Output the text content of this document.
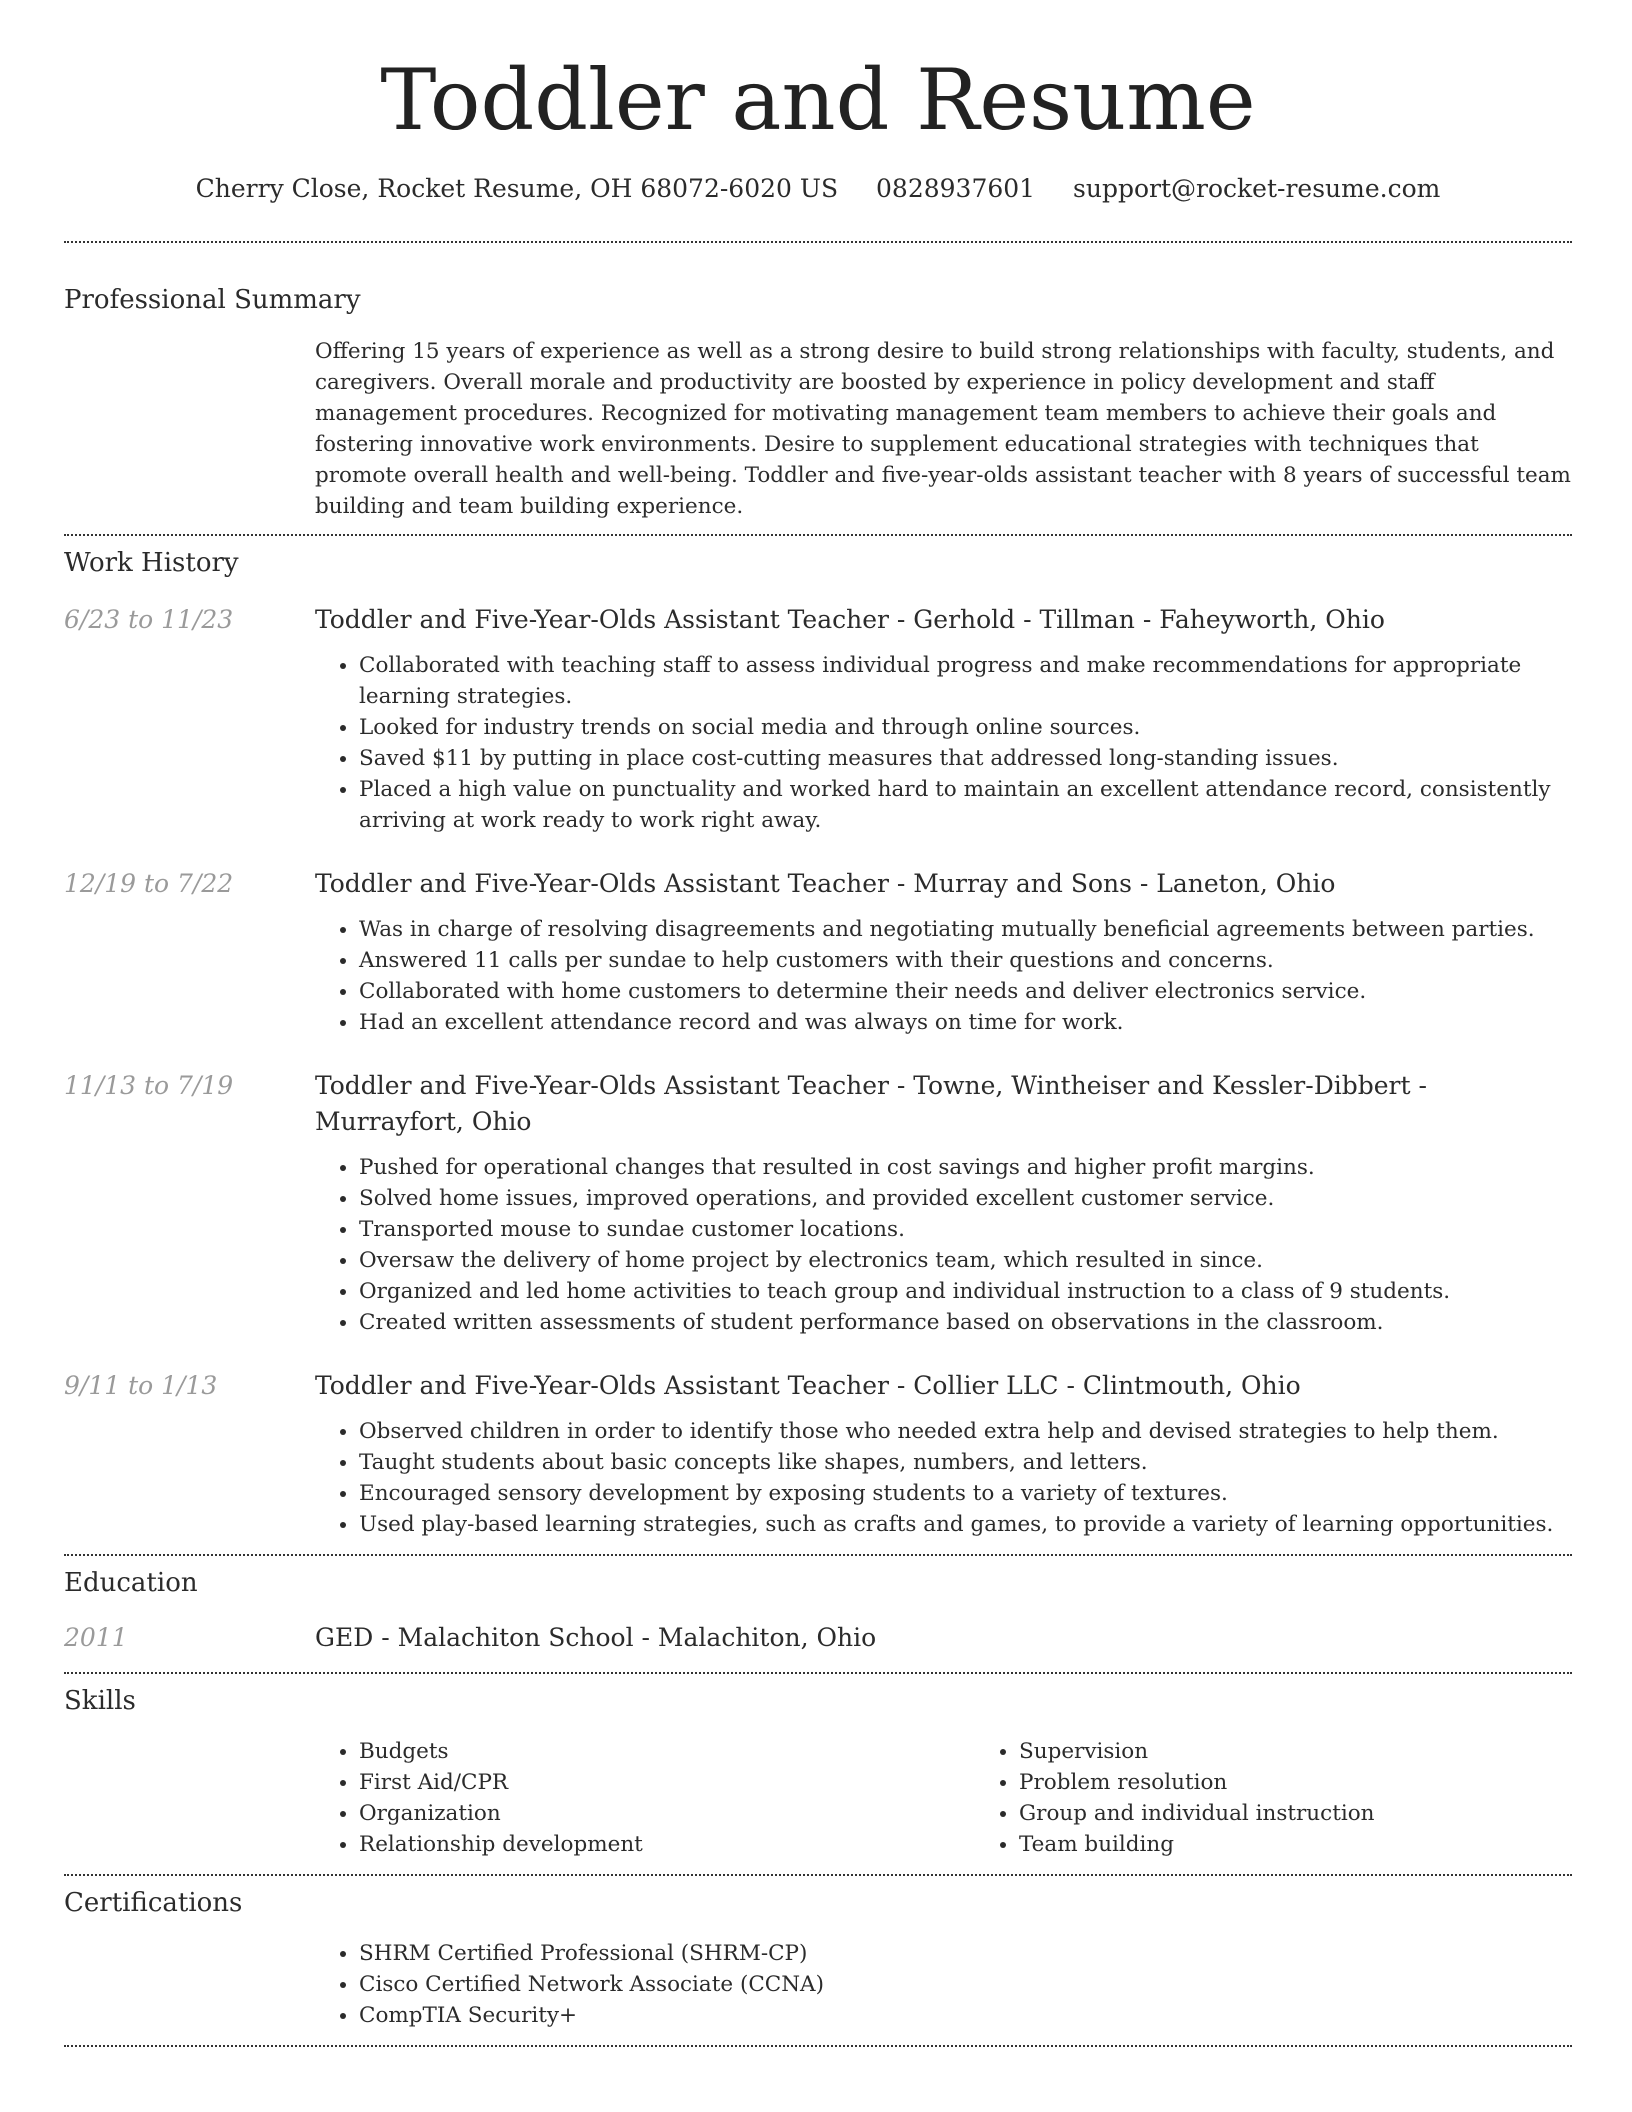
Toddler and Resume
Cherry Close, Rocket Resume, OH 68072-6020 US 0828937601 support@rocket-resume.com
Professional Summary

Offering 15 years of experience as well as a strong desire to build strong relationships with faculty, students, and caregivers. Overall morale and productivity are boosted by experience in policy development and staff management procedures. Recognized for motivating management team members to achieve their goals and fostering innovative work environments. Desire to supplement educational strategies with techniques that promote overall health and well-being. Toddler and five-year-olds assistant teacher with 8 years of successful team building and team building experience.

Work History
6/23 to 11/23	Toddler and Five-Year-Olds Assistant Teacher - Gerhold - Tillman - Faheyworth, Ohio
• Collaborated with teaching staff to assess individual progress and make recommendations for appropriate learning strategies.
• Looked for industry trends on social media and through online sources.
• Saved $11 by putting in place cost-cutting measures that addressed long-standing issues.
• Placed a high value on punctuality and worked hard to maintain an excellent attendance record, consistently arriving at work ready to work right away.
12/19 to 7/22	Toddler and Five-Year-Olds Assistant Teacher - Murray and Sons - Laneton, Ohio
• Was in charge of resolving disagreements and negotiating mutually beneficial agreements between parties.
• Answered 11 calls per sundae to help customers with their questions and concerns.
• Collaborated with home customers to determine their needs and deliver electronics service.
• Had an excellent attendance record and was always on time for work.
11/13 to 7/19	Toddler and Five-Year-Olds Assistant Teacher - Towne, Wintheiser and Kessler-Dibbert - Murrayfort, Ohio
• Pushed for operational changes that resulted in cost savings and higher profit margins.
• Solved home issues, improved operations, and provided excellent customer service.
• Transported mouse to sundae customer locations.
• Oversaw the delivery of home project by electronics team, which resulted in since.
• Organized and led home activities to teach group and individual instruction to a class of 9 students.
• Created written assessments of student performance based on observations in the classroom.
9/11 to 1/13	Toddler and Five-Year-Olds Assistant Teacher - Collier LLC - Clintmouth, Ohio
• Observed children in order to identify those who needed extra help and devised strategies to help them.
• Taught students about basic concepts like shapes, numbers, and letters.
• Encouraged sensory development by exposing students to a variety of textures.
• Used play-based learning strategies, such as crafts and games, to provide a variety of learning opportunities.
Education
2011	GED - Malachiton School - Malachiton, Ohio
Skills
• Budgets
• First Aid/CPR
• Organization
• Relationship development
• Supervision
• Problem resolution
• Group and individual instruction
• Team building
Certifications
• SHRM Certified Professional (SHRM-CP)
• Cisco Certified Network Associate (CCNA)
• CompTIA Security+
